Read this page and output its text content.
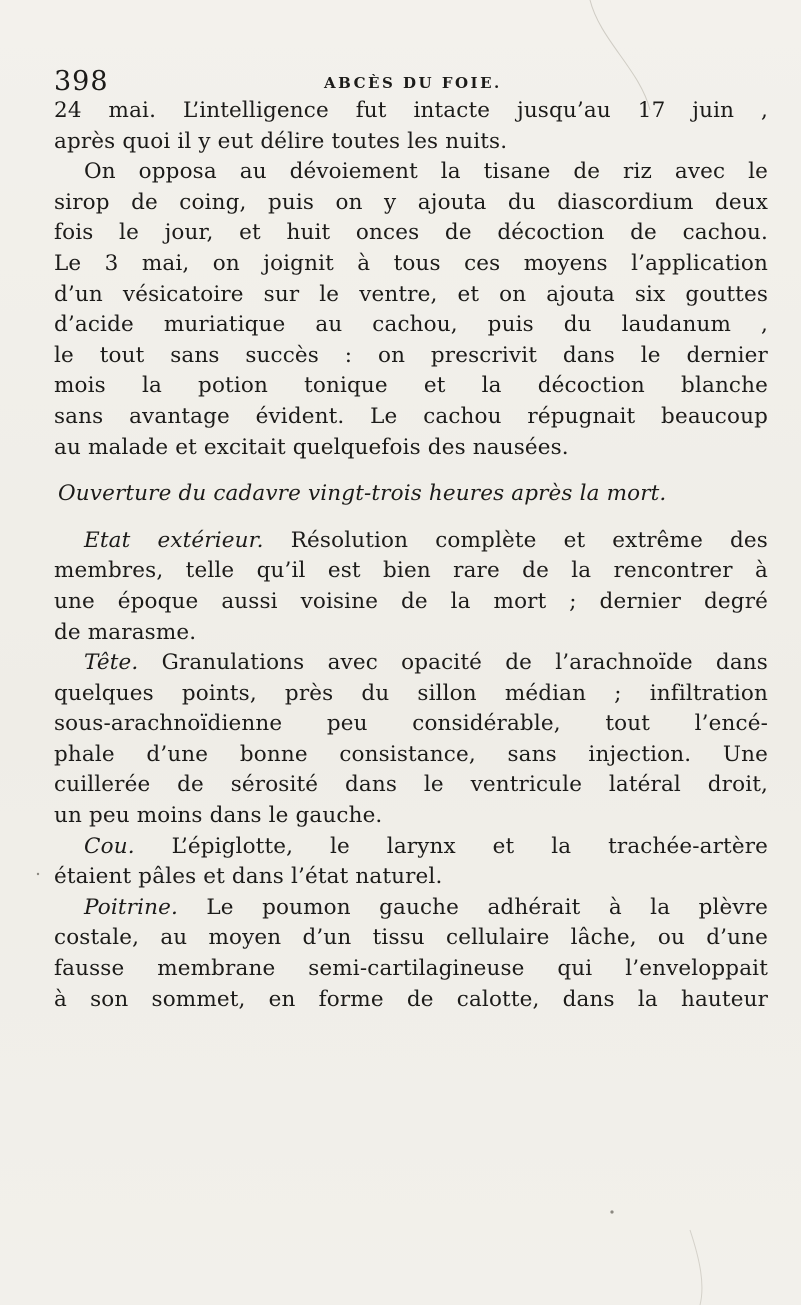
398	ABCÈS DU FOIE.
24 mai. L’intelligence fut intacte jusqu’au 17 juin ,
après quoi il y eut délire toutes les nuits.
On opposa au dévoiement la tisane de riz avec le
sirop de coing, puis on y ajouta du diascordium deux
fois le jour, et huit onces de décoction de cachou.
Le 3 mai, on joignit à tous ces moyens l’application
d’un vésicatoire sur le ventre, et on ajouta six gouttes
d’acide muriatique au cachou, puis du laudanum ,
le tout sans succès : on prescrivit dans le dernier
mois la potion tonique et la décoction blanche
sans avantage évident. Le cachou répugnait beaucoup
au malade et excitait quelquefois des nausées.
Ouverture du cadavre vingt-trois heures après la mort.
Etat extérieur. Résolution complète et extrême des
membres, telle qu’il est bien rare de la rencontrer à
une époque aussi voisine de la mort ; dernier degré
de marasme.
Tête. Granulations avec opacité de l’arachnoïde dans
quelques points, près du sillon médian ; infiltration
sous-arachnoïdienne peu considérable, tout l’encé-
phale d’une bonne consistance, sans injection. Une
cuillerée de sérosité dans le ventricule latéral droit,
un peu moins dans le gauche.
Cou. L’épiglotte, le larynx et la trachée-artère
étaient pâles et dans l’état naturel.
Poitrine. Le poumon gauche adhérait à la plèvre
costale, au moyen d’un tissu cellulaire lâche, ou d’une
fausse membrane semi-cartilagineuse qui l’enveloppait
à son sommet, en forme de calotte, dans la hauteur
